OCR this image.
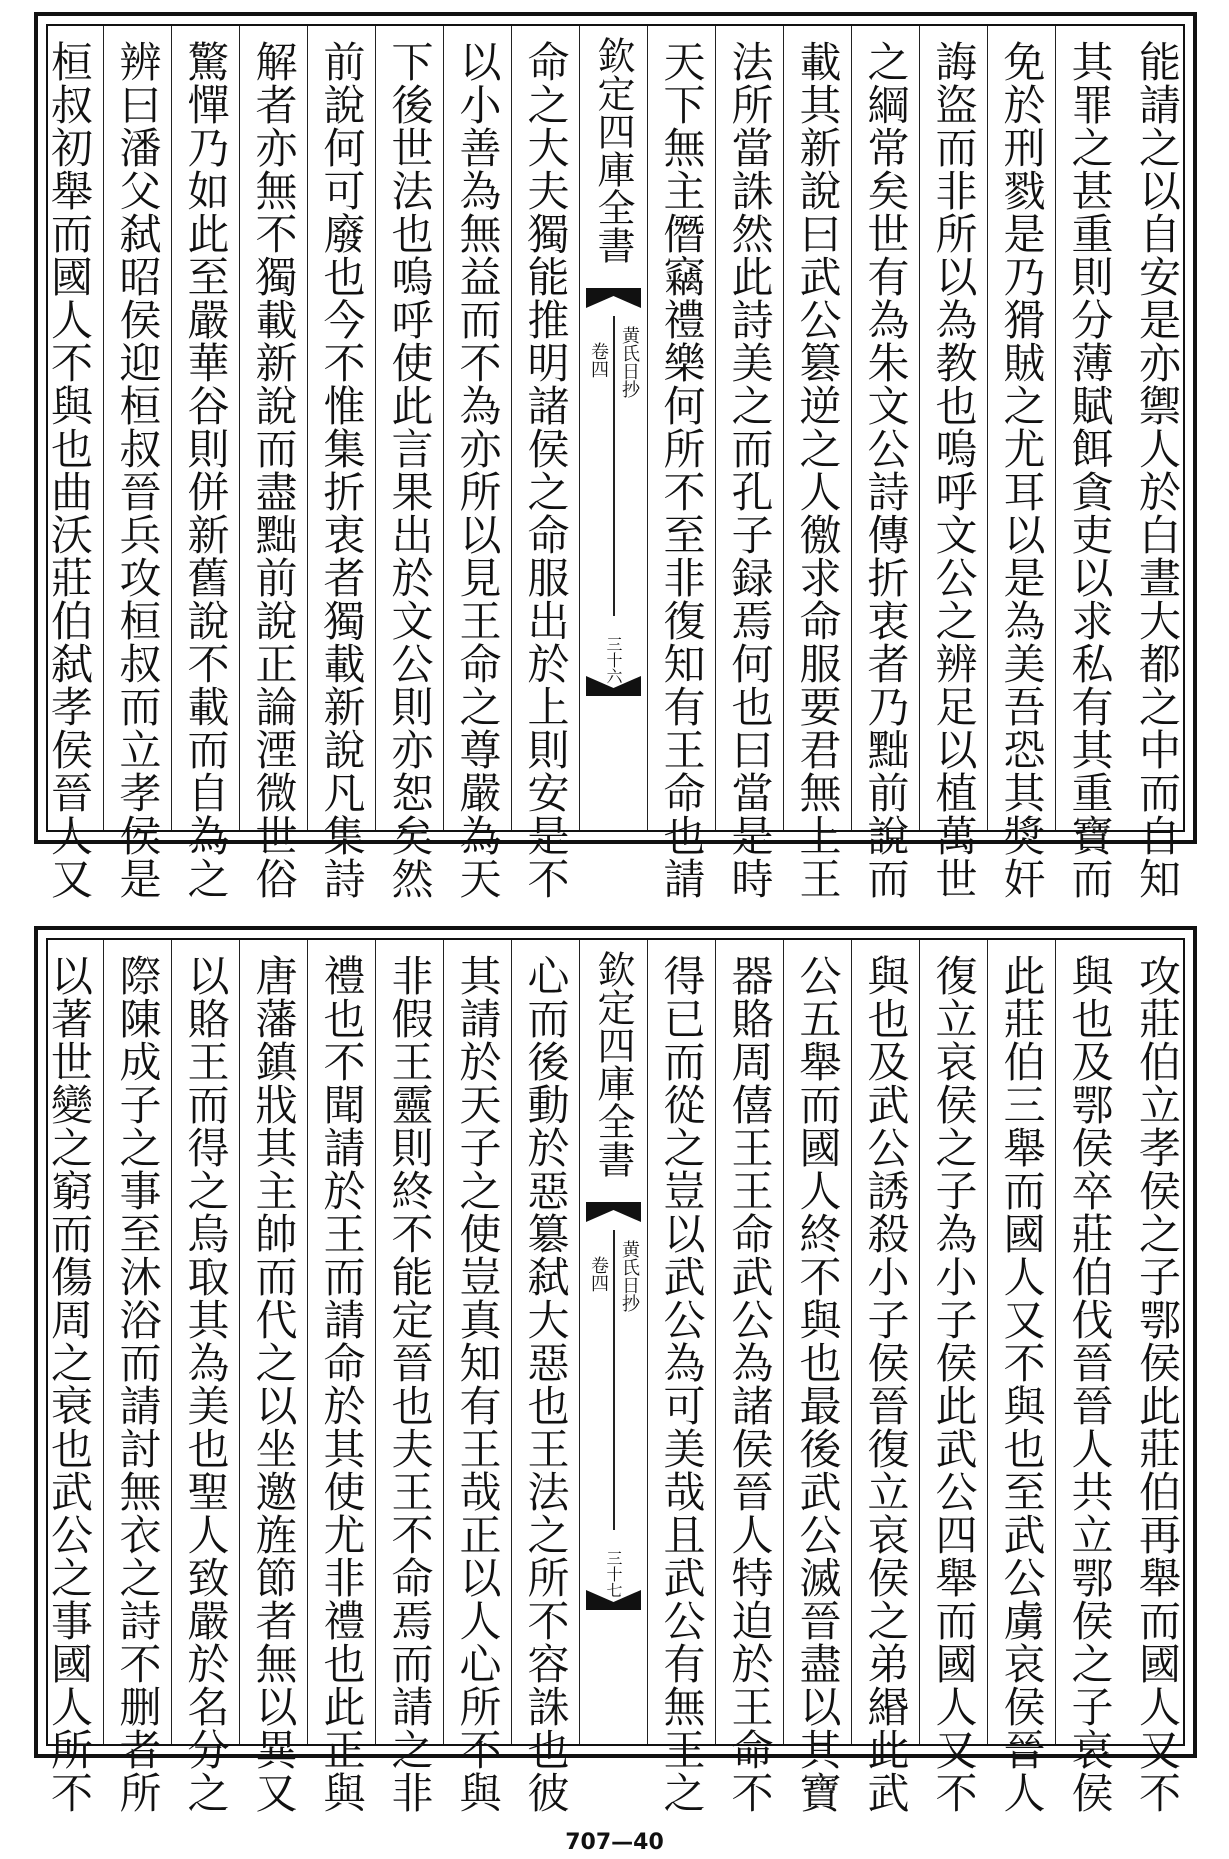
能請之以自安是亦禦人於白晝大都之中而自知
其罪之甚重則分薄賦餌貪吏以求私有其重寶而
免於刑戮是乃猾賊之尤耳以是為美吾恐其獎奸
誨盜而非所以為教也嗚呼文公之辨足以植萬世
之綱常矣世有為朱文公詩傳折衷者乃黜前說而
載其新說曰武公篡逆之人徼求命服要君無上王
法所當誅然此詩美之而孔子録焉何也曰當是時
天下無主僭竊禮樂何所不至非復知有王命也請
欽定四庫全書
黄氏日抄
卷四
三十六
命之大夫獨能推明諸侯之命服出於上則安是不
以小善為無益而不為亦所以見王命之尊嚴為天
下後世法也嗚呼使此言果出於文公則亦恕矣然
前說何可廢也今不惟集折衷者獨載新說凡集詩
解者亦無不獨載新說而盡黜前說正論湮微世俗
驚憚乃如此至嚴華谷則併新舊說不載而自為之
辨曰潘父弑昭侯迎桓叔晉兵攻桓叔而立孝侯是
桓叔初舉而國人不與也曲沃莊伯弑孝侯晉人又
攻莊伯立孝侯之子鄂侯此莊伯再舉而國人又不
與也及鄂侯卒莊伯伐晉晉人共立鄂侯之子哀侯
此莊伯三舉而國人又不與也至武公虜哀侯晉人
復立哀侯之子為小子侯此武公四舉而國人又不
與也及武公誘殺小子侯晉復立哀侯之弟緡此武
公五舉而國人終不與也最後武公滅晉盡以其寶
器賂周僖王王命武公為諸侯晉人特迫於王命不
得已而從之豈以武公為可美哉且武公有無王之
欽定四庫全書
黄氏日抄
卷四
三十七
心而後動於惡簒弑大惡也王法之所不容誅也彼
其請於天子之使豈真知有王哉正以人心所不與
非假王靈則終不能定晉也夫王不命焉而請之非
禮也不聞請於王而請命於其使尤非禮也此正與
唐藩鎮戕其主帥而代之以坐邀旌節者無以異又
以賂王而得之烏取其為美也聖人致嚴於名分之
際陳成子之事至沐浴而請討無衣之詩不删者所
以著世變之窮而傷周之衰也武公之事國人所不
707—40
